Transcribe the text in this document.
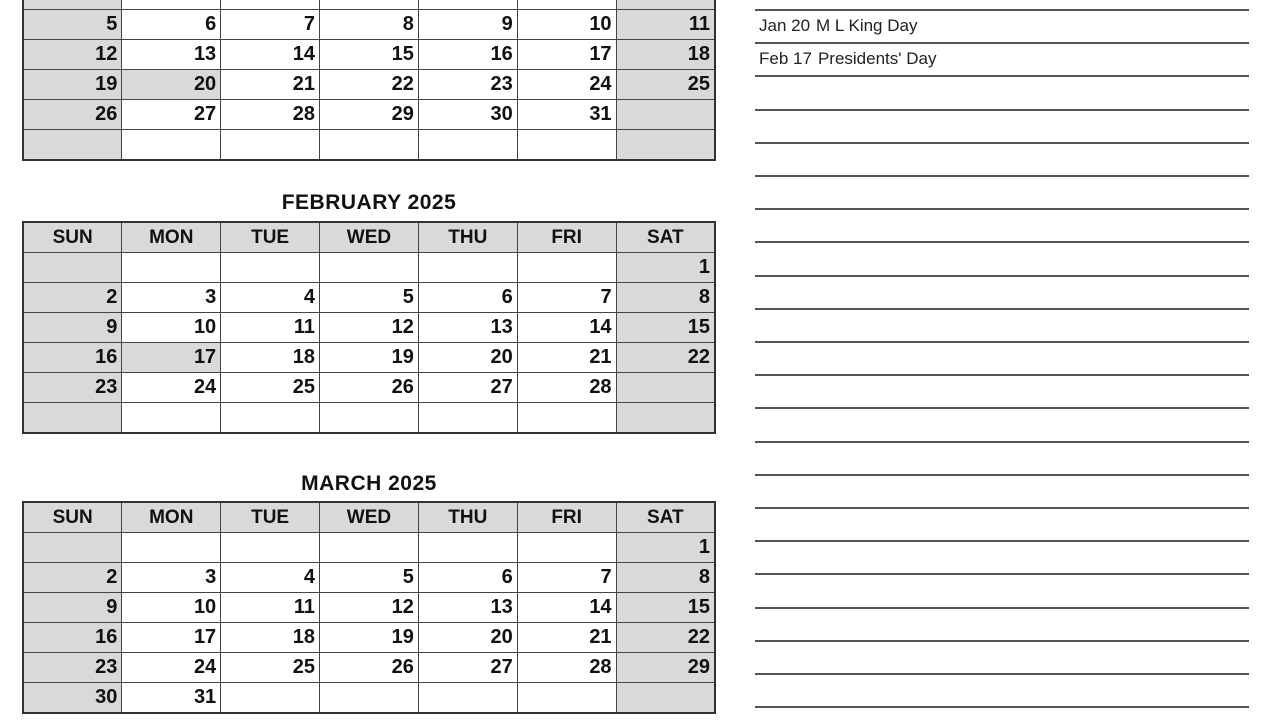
5	6	7	8	9	10	11
12	13	14	15	16	17	18
19	20	21	22	23	24	25
26	27	28	29	30	31	

FEBRUARY 2025
SUN	MON	TUE	WED	THU	FRI	SAT
						1
2	3	4	5	6	7	8
9	10	11	12	13	14	15
16	17	18	19	20	21	22
23	24	25	26	27	28	

MARCH 2025
SUN	MON	TUE	WED	THU	FRI	SAT
						1
2	3	4	5	6	7	8
9	10	11	12	13	14	15
16	17	18	19	20	21	22
23	24	25	26	27	28	29
30	31					
Jan 20 M L King Day
Feb 17 Presidents' Day
